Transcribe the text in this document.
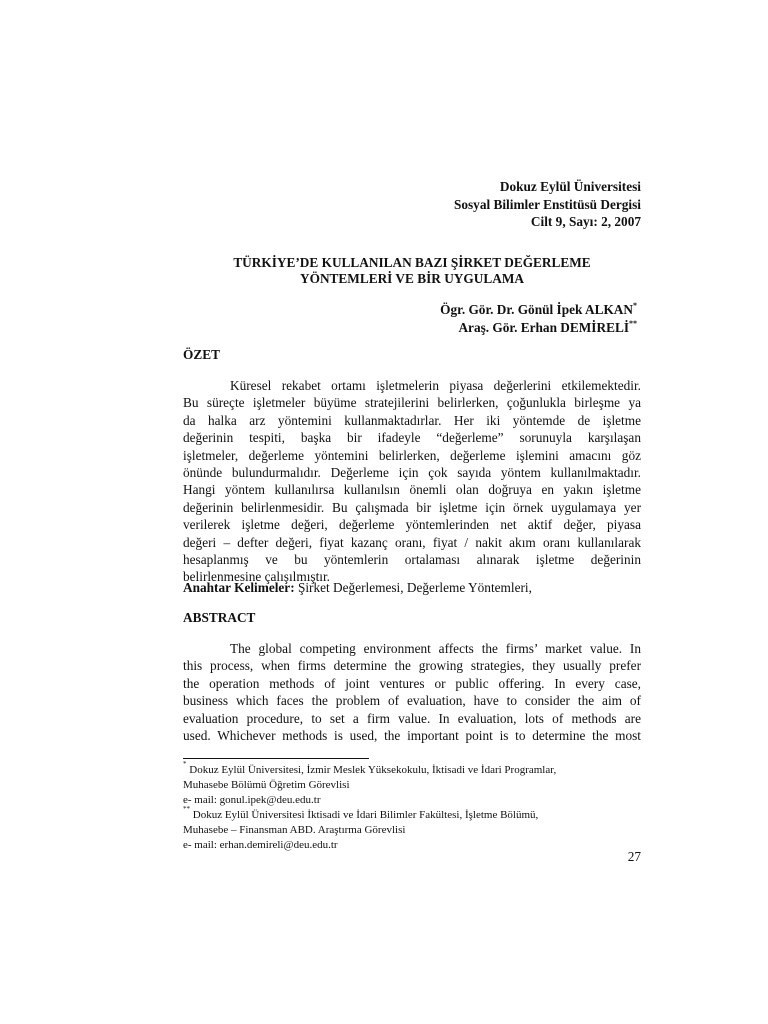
Dokuz Eylül Üniversitesi
Sosyal Bilimler Enstitüsü Dergisi
Cilt 9, Sayı: 2, 2007
TÜRKİYE’DE KULLANILAN BAZI ŞİRKET DEĞERLEME
YÖNTEMLERİ VE BİR UYGULAMA
Ögr. Gör. Dr. Gönül İpek ALKAN*
Araş. Gör. Erhan DEMİRELİ**
ÖZET
Küresel rekabet ortamı işletmelerin piyasa değerlerini etkilemektedir.
Bu süreçte işletmeler büyüme stratejilerini belirlerken, çoğunlukla birleşme ya
da halka arz yöntemini kullanmaktadırlar. Her iki yöntemde de işletme
değerinin tespiti, başka bir ifadeyle “değerleme” sorunuyla karşılaşan
işletmeler, değerleme yöntemini belirlerken, değerleme işlemini amacını göz
önünde bulundurmalıdır. Değerleme için çok sayıda yöntem kullanılmaktadır.
Hangi yöntem kullanılırsa kullanılsın önemli olan doğruya en yakın işletme
değerinin belirlenmesidir. Bu çalışmada bir işletme için örnek uygulamaya yer
verilerek işletme değeri, değerleme yöntemlerinden net aktif değer, piyasa
değeri – defter değeri, fiyat kazanç oranı, fiyat / nakit akım oranı kullanılarak
hesaplanmış ve bu yöntemlerin ortalaması alınarak işletme değerinin
belirlenmesine çalışılmıştır.
Anahtar Kelimeler: Şirket Değerlemesi, Değerleme Yöntemleri,
ABSTRACT
The global competing environment affects the firms’ market value. In
this process, when firms determine the growing strategies, they usually prefer
the operation methods of joint ventures or public offering. In every case,
business which faces the problem of evaluation, have to consider the aim of
evaluation procedure, to set a firm value. In evaluation, lots of methods are
used. Whichever methods is used, the important point is to determine the most
* Dokuz Eylül Üniversitesi, İzmir Meslek Yüksekokulu, İktisadi ve İdari Programlar,
Muhasebe Bölümü Öğretim Görevlisi
e- mail: gonul.ipek@deu.edu.tr
** Dokuz Eylül Üniversitesi İktisadi ve İdari Bilimler Fakültesi, İşletme Bölümü,
Muhasebe – Finansman ABD. Araştırma Görevlisi
e- mail: erhan.demireli@deu.edu.tr
27
